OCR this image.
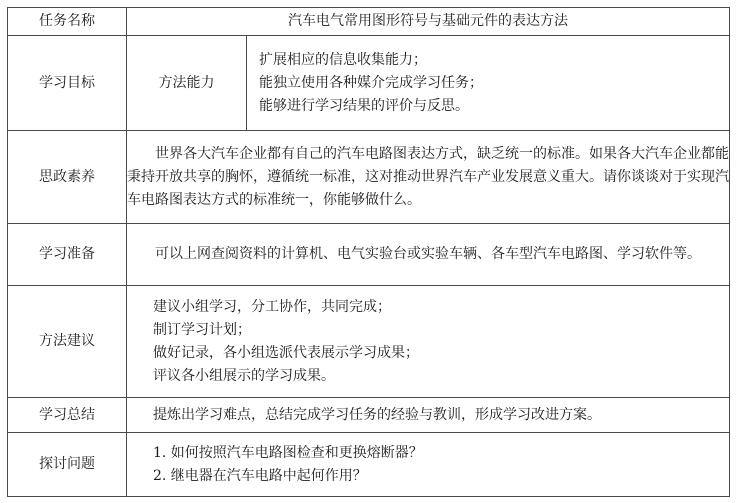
任务名称	汽车电气常用图形符号与基础元件的表达方法	
学习目标	方法能力	扩展相应的信息收集能力；
能独立使用各种媒介完成学习任务；
能够进行学习结果的评价与反思。

思政素养	世界各大汽车企业都有自己的汽车电路图表达方式，缺乏统一的标准。如果各大汽车企业都能秉持开放共享的胸怀，遵循统一标准，这对推动世界汽车产业发展意义重大。请你谈谈对于实现汽车电路图表达方式的标准统一，你能够做什么。	

学习准备	可以上网查阅资料的计算机、电气实验台或实验车辆、各车型汽车电路图、学习软件等。	

方法建议	建议小组学习，分工协作，共同完成；
制订学习计划；
做好记录，各小组选派代表展示学习成果；
评议各小组展示的学习成果。	

学习总结	提炼出学习难点，总结完成学习任务的经验与教训，形成学习改进方案。	

探讨问题	1. 如何按照汽车电路图检查和更换熔断器？
2. 继电器在汽车电路中起何作用？	
